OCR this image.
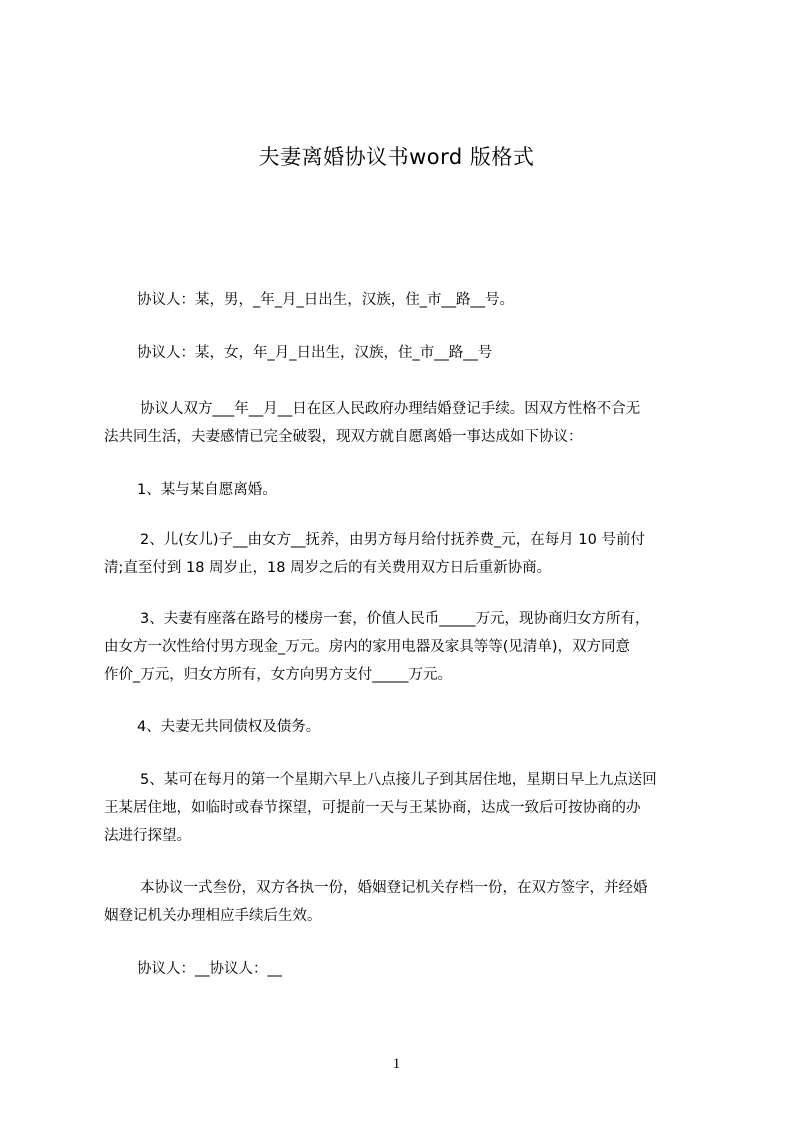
夫妻离婚协议书word 版格式
协议人：某，男，_年_月_日出生，汉族，住_市__路__号。
协议人：某，女，年_月_日出生，汉族，住_市__路__号
协议人双方___年__月__日在区人民政府办理结婚登记手续。因双方性格不合无
法共同生活，夫妻感情已完全破裂，现双方就自愿离婚一事达成如下协议：
1、某与某自愿离婚。
2、儿(女儿)子__由女方__抚养，由男方每月给付抚养费_元，在每月 10 号前付
清;直至付到 18 周岁止，18 周岁之后的有关费用双方日后重新协商。
3、夫妻有座落在路号的楼房一套，价值人民币_____万元，现协商归女方所有，
由女方一次性给付男方现金_万元。房内的家用电器及家具等等(见清单)，双方同意
作价_万元，归女方所有，女方向男方支付_____万元。
4、夫妻无共同债权及债务。
5、某可在每月的第一个星期六早上八点接儿子到其居住地，星期日早上九点送回
王某居住地，如临时或春节探望，可提前一天与王某协商，达成一致后可按协商的办
法进行探望。
本协议一式叁份，双方各执一份，婚姻登记机关存档一份，在双方签字，并经婚
姻登记机关办理相应手续后生效。
协议人：__协议人：__
1
